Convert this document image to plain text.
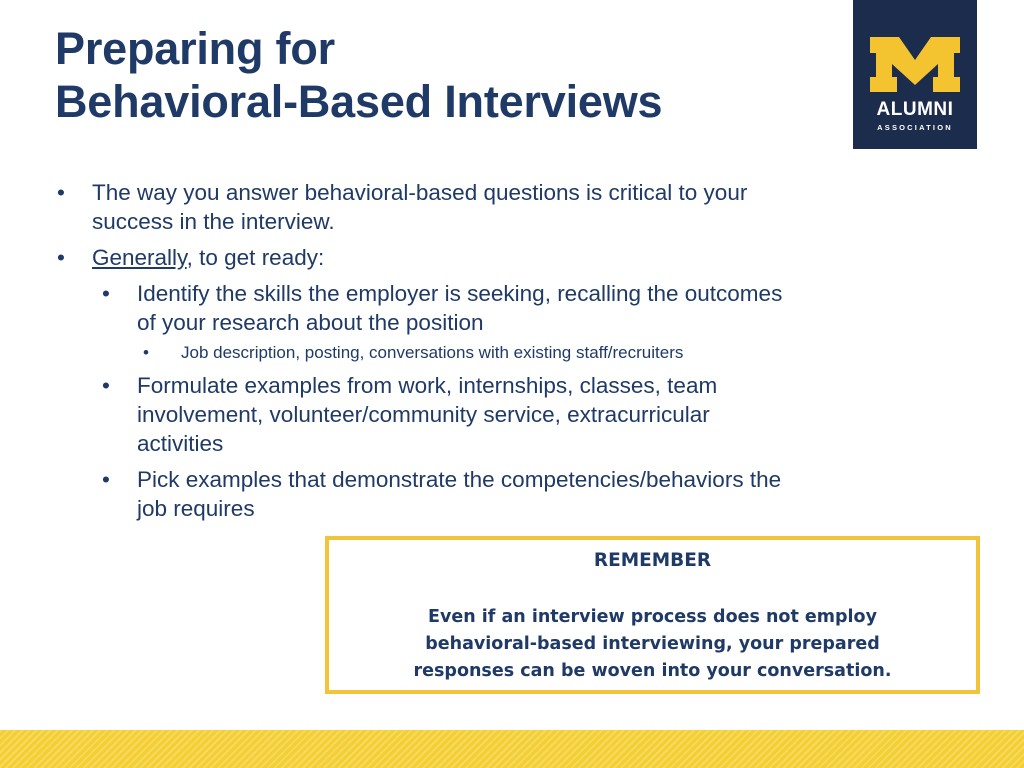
Preparing for
Behavioral-Based Interviews	ALUMNI
ASSOCIATION
• The way you answer behavioral-based questions is critical to your
success in the interview.
• Generally, to get ready:
• Identify the skills the employer is seeking, recalling the outcomes
of your research about the position
• Job description, posting, conversations with existing staff/recruiters
• Formulate examples from work, internships, classes, team
involvement, volunteer/community service, extracurricular
activities
• Pick examples that demonstrate the competencies/behaviors the
job requires
REMEMBER
Even if an interview process does not employ
behavioral-based interviewing, your prepared
responses can be woven into your conversation.
